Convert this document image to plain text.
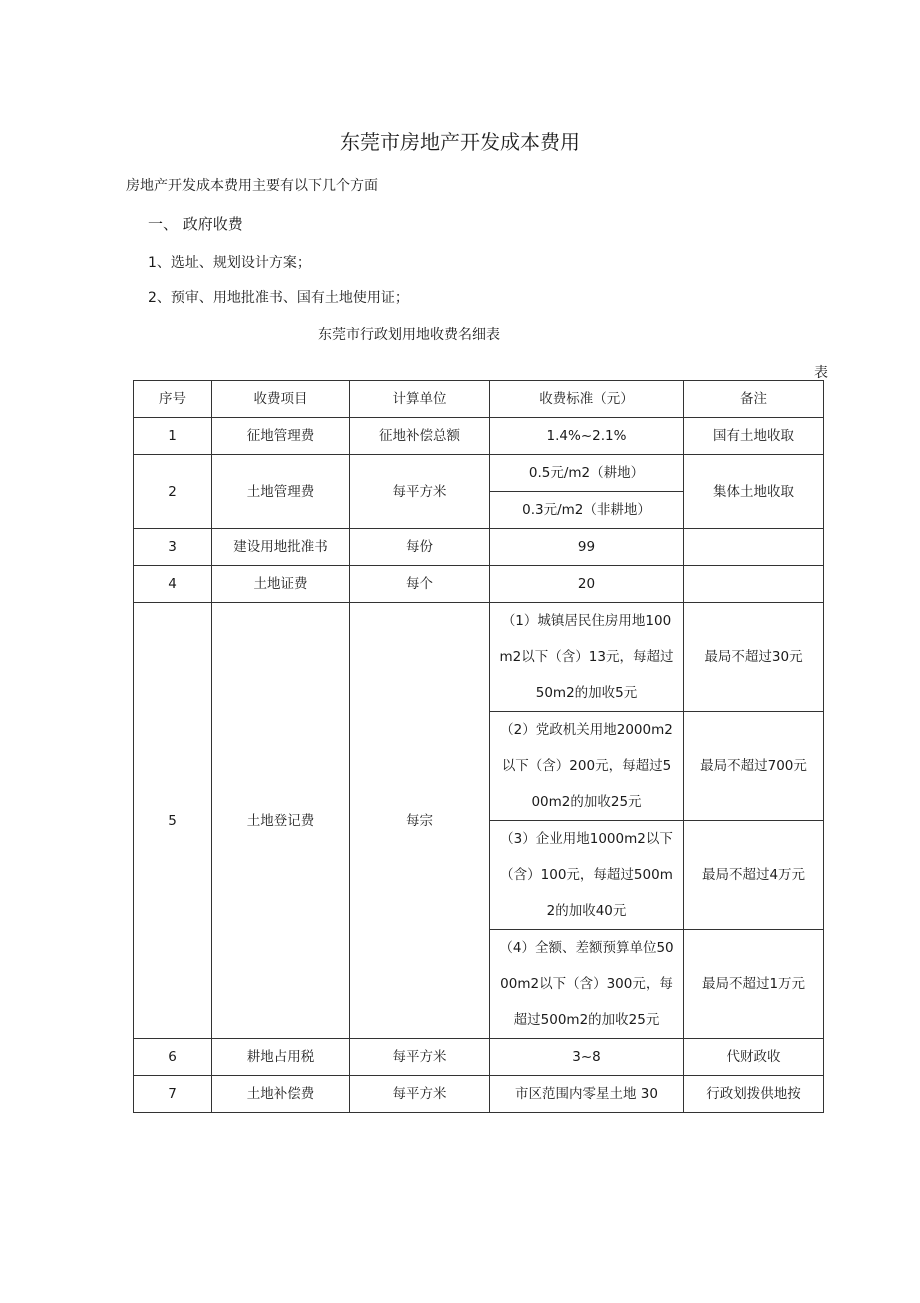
东莞市房地产开发成本费用
房地产开发成本费用主要有以下几个方面
一、 政府收费
1、选址、规划设计方案；
2、预审、用地批准书、国有土地使用证；
东莞市行政划用地收费名细表
表
序号	收费项目	计算单位	收费标准（元）	备注
1	征地管理费	征地补偿总额	1.4%~2.1%	国有土地收取
2	土地管理费	每平方米	0.5元/m2（耕地）	集体土地收取
			0.3元/m2（非耕地）	
3	建设用地批准书	每份	99	
4	土地证费	每个	20	
5	土地登记费	每宗	（1）城镇居民住房用地100m2以下（含）13元，每超过50m2的加收5元	最局不超过30元
			（2）党政机关用地2000m2以下（含）200元，每超过500m2的加收25元	最局不超过700元
			（3）企业用地1000m2以下（含）100元，每超过500m2的加收40元	最局不超过4万元
			（4）全额、差额预算单位5000m2以下（含）300元，每超过500m2的加收25元	最局不超过1万元
6	耕地占用税	每平方米	3~8	代财政收
7	土地补偿费	每平方米	市区范围内零星土地 30	行政划拨供地按
